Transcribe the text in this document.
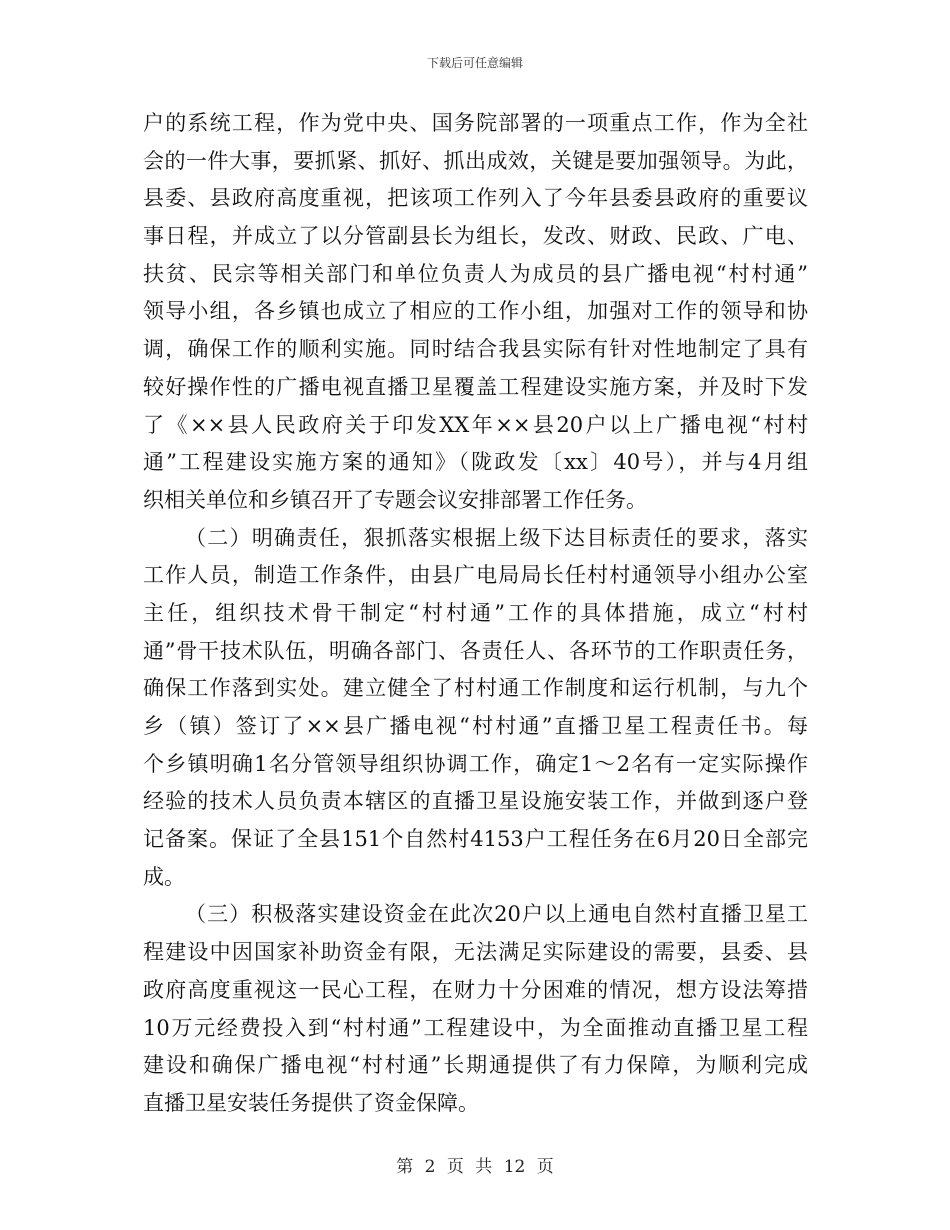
下载后可任意编辑
户的系统工程，作为党中央、国务院部署的一项重点工作，作为全社
会的一件大事，要抓紧、抓好、抓出成效，关键是要加强领导。为此，
县委、县政府高度重视，把该项工作列入了今年县委县政府的重要议
事日程，并成立了以分管副县长为组长，发改、财政、民政、广电、
扶贫、民宗等相关部门和单位负责人为成员的县广播电视“村村通”
领导小组，各乡镇也成立了相应的工作小组，加强对工作的领导和协
调，确保工作的顺利实施。同时结合我县实际有针对性地制定了具有
较好操作性的广播电视直播卫星覆盖工程建设实施方案，并及时下发
了《××县人民政府关于印发XX年××县20户以上广播电视“村村
通”工程建设实施方案的通知》（陇政发〔xx〕40号），并与4月组
织相关单位和乡镇召开了专题会议安排部署工作任务。
（二）明确责任，狠抓落实根据上级下达目标责任的要求，落实
工作人员，制造工作条件，由县广电局局长任村村通领导小组办公室
主任，组织技术骨干制定“村村通”工作的具体措施，成立“村村
通”骨干技术队伍，明确各部门、各责任人、各环节的工作职责任务，
确保工作落到实处。建立健全了村村通工作制度和运行机制，与九个
乡（镇）签订了××县广播电视“村村通”直播卫星工程责任书。每
个乡镇明确1名分管领导组织协调工作，确定1～2名有一定实际操作
经验的技术人员负责本辖区的直播卫星设施安装工作，并做到逐户登
记备案。保证了全县151个自然村4153户工程任务在6月20日全部完
成。
（三）积极落实建设资金在此次20户以上通电自然村直播卫星工
程建设中因国家补助资金有限，无法满足实际建设的需要，县委、县
政府高度重视这一民心工程，在财力十分困难的情况，想方设法筹措
10万元经费投入到“村村通”工程建设中，为全面推动直播卫星工程
建设和确保广播电视“村村通”长期通提供了有力保障，为顺利完成
直播卫星安装任务提供了资金保障。
第 2 页 共 12 页
